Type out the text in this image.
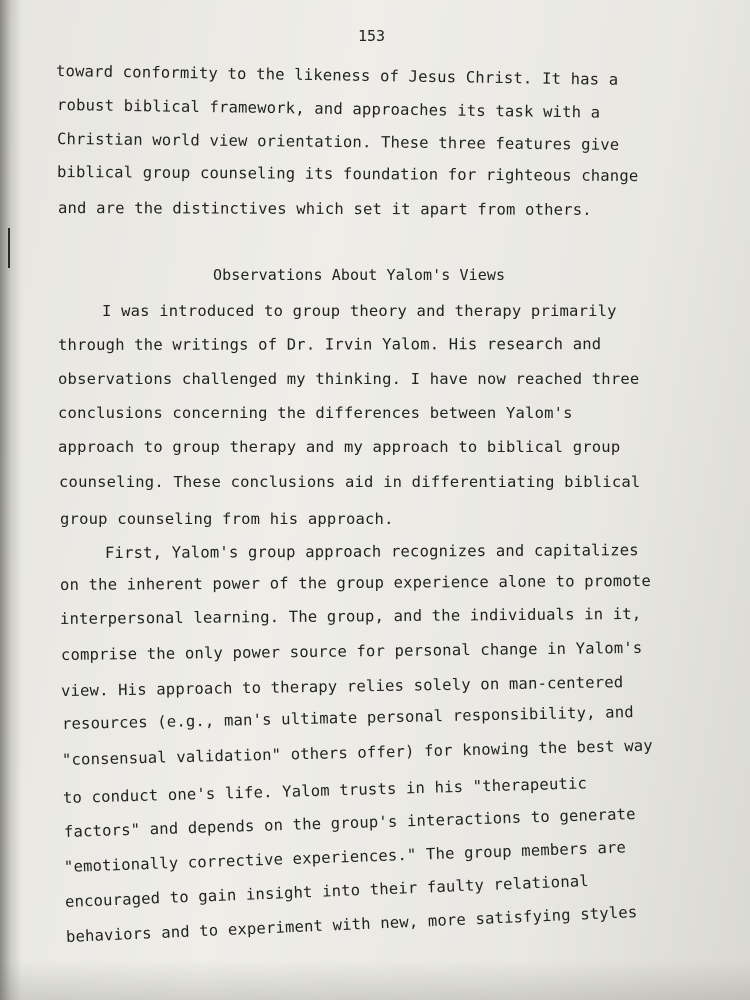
153
toward conformity to the likeness of Jesus Christ. It has a
robust biblical framework, and approaches its task with a
Christian world view orientation. These three features give
biblical group counseling its foundation for righteous change
and are the distinctives which set it apart from others.
Observations About Yalom's Views
I was introduced to group theory and therapy primarily
through the writings of Dr. Irvin Yalom. His research and
observations challenged my thinking. I have now reached three
conclusions concerning the differences between Yalom's
approach to group therapy and my approach to biblical group
counseling. These conclusions aid in differentiating biblical
group counseling from his approach.
First, Yalom's group approach recognizes and capitalizes
on the inherent power of the group experience alone to promote
interpersonal learning. The group, and the individuals in it,
comprise the only power source for personal change in Yalom's
view. His approach to therapy relies solely on man-centered
resources (e.g., man's ultimate personal responsibility, and
"consensual validation" others offer) for knowing the best way
to conduct one's life. Yalom trusts in his "therapeutic
factors" and depends on the group's interactions to generate
"emotionally corrective experiences." The group members are
encouraged to gain insight into their faulty relational
behaviors and to experiment with new, more satisfying styles
